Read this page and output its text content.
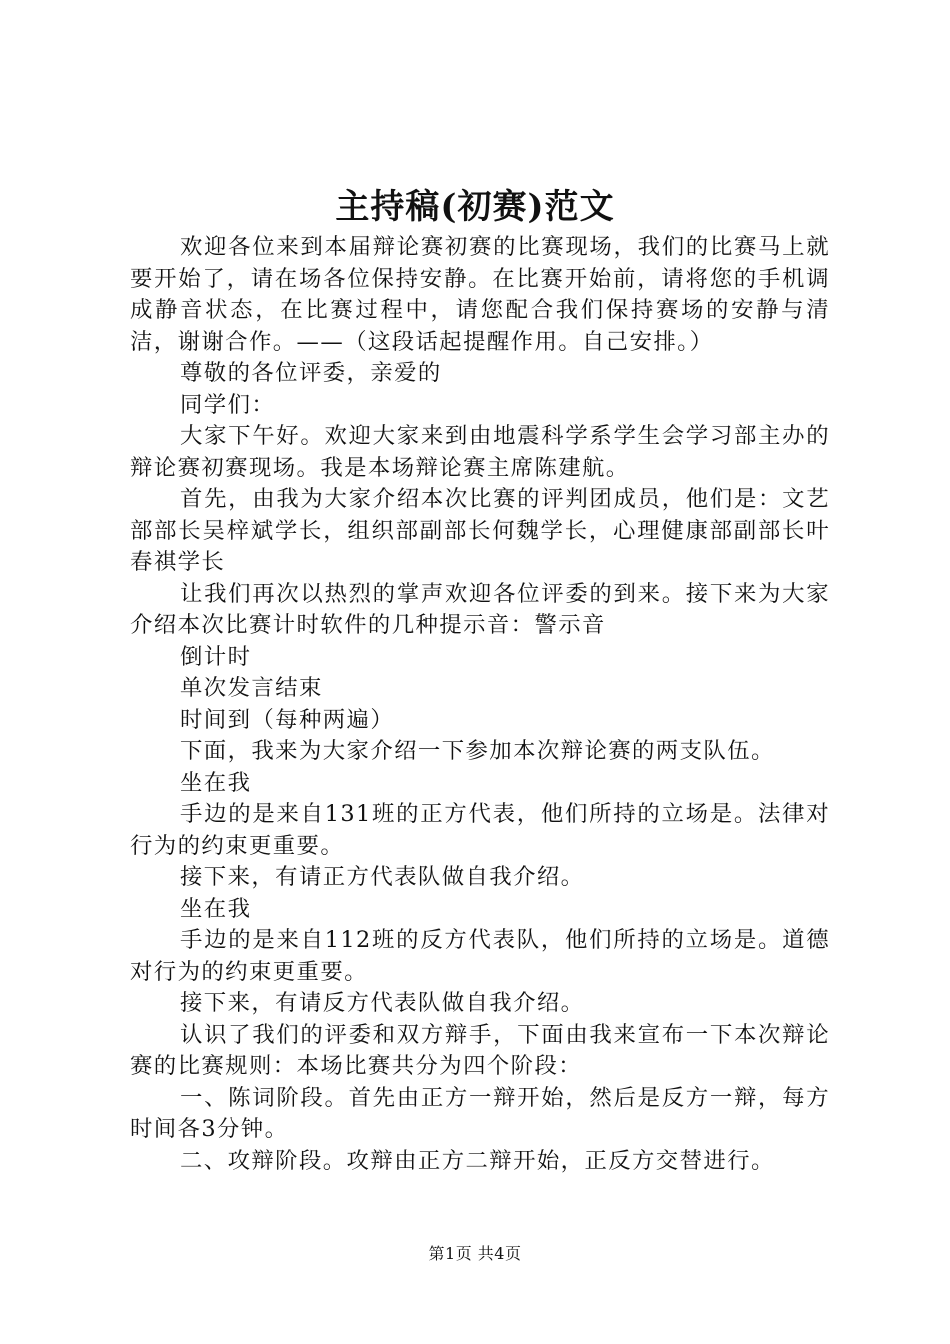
主持稿(初赛)范文

欢迎各位来到本届辩论赛初赛的比赛现场，我们的比赛马上就要开始了，请在场各位保持安静。在比赛开始前，请将您的手机调成静音状态，在比赛过程中，请您配合我们保持赛场的安静与清洁，谢谢合作。——（这段话起提醒作用。自己安排。）

尊敬的各位评委，亲爱的

同学们：

大家下午好。欢迎大家来到由地震科学系学生会学习部主办的辩论赛初赛现场。我是本场辩论赛主席陈建航。

首先，由我为大家介绍本次比赛的评判团成员，他们是：文艺部部长吴梓斌学长，组织部副部长何魏学长，心理健康部副部长叶春祺学长

让我们再次以热烈的掌声欢迎各位评委的到来。接下来为大家介绍本次比赛计时软件的几种提示音：警示音

倒计时

单次发言结束

时间到（每种两遍）

下面，我来为大家介绍一下参加本次辩论赛的两支队伍。

坐在我

手边的是来自131班的正方代表，他们所持的立场是。法律对行为的约束更重要。

接下来，有请正方代表队做自我介绍。

坐在我

手边的是来自112班的反方代表队，他们所持的立场是。道德对行为的约束更重要。

接下来，有请反方代表队做自我介绍。

认识了我们的评委和双方辩手，下面由我来宣布一下本次辩论赛的比赛规则：本场比赛共分为四个阶段：

一、陈词阶段。首先由正方一辩开始，然后是反方一辩，每方时间各3分钟。

二、攻辩阶段。攻辩由正方二辩开始，正反方交替进行。

第1页 共4页
